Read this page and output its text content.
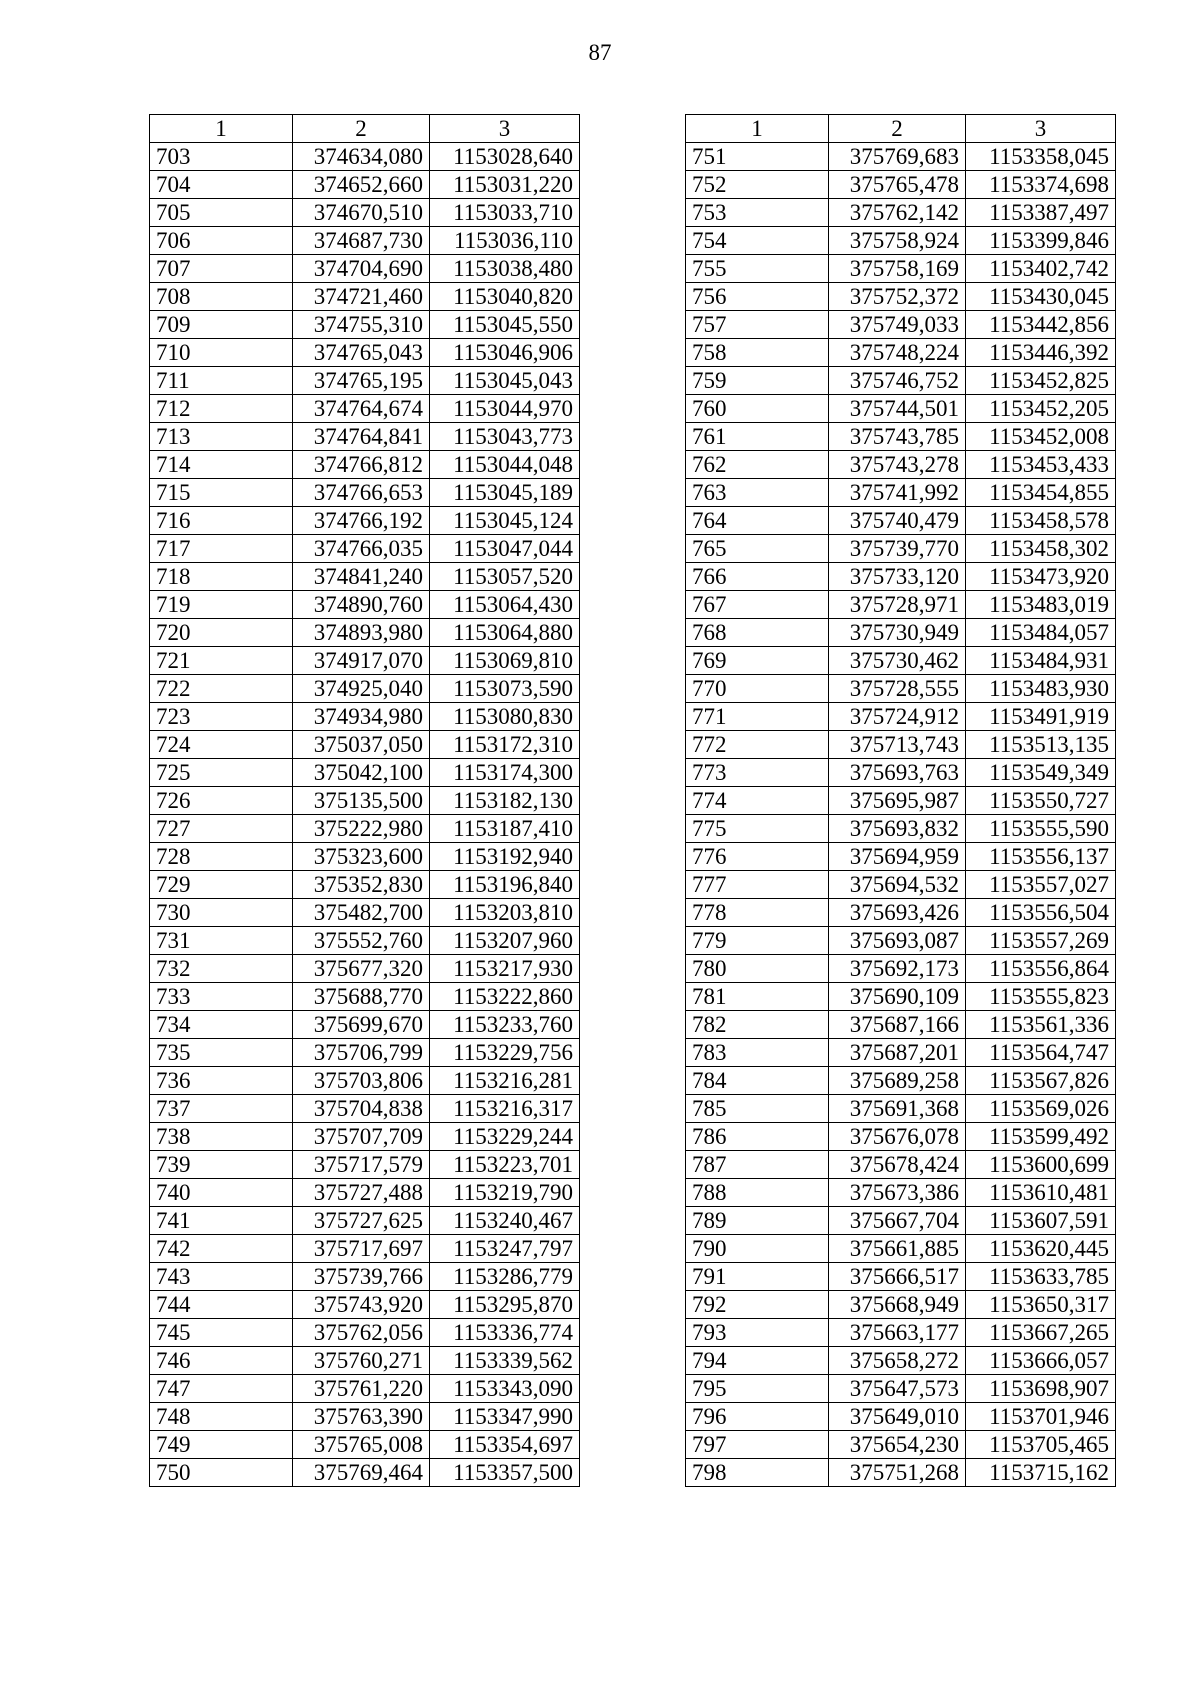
87
1	2	3
703	374634,080	1153028,640
704	374652,660	1153031,220
705	374670,510	1153033,710
706	374687,730	1153036,110
707	374704,690	1153038,480
708	374721,460	1153040,820
709	374755,310	1153045,550
710	374765,043	1153046,906
711	374765,195	1153045,043
712	374764,674	1153044,970
713	374764,841	1153043,773
714	374766,812	1153044,048
715	374766,653	1153045,189
716	374766,192	1153045,124
717	374766,035	1153047,044
718	374841,240	1153057,520
719	374890,760	1153064,430
720	374893,980	1153064,880
721	374917,070	1153069,810
722	374925,040	1153073,590
723	374934,980	1153080,830
724	375037,050	1153172,310
725	375042,100	1153174,300
726	375135,500	1153182,130
727	375222,980	1153187,410
728	375323,600	1153192,940
729	375352,830	1153196,840
730	375482,700	1153203,810
731	375552,760	1153207,960
732	375677,320	1153217,930
733	375688,770	1153222,860
734	375699,670	1153233,760
735	375706,799	1153229,756
736	375703,806	1153216,281
737	375704,838	1153216,317
738	375707,709	1153229,244
739	375717,579	1153223,701
740	375727,488	1153219,790
741	375727,625	1153240,467
742	375717,697	1153247,797
743	375739,766	1153286,779
744	375743,920	1153295,870
745	375762,056	1153336,774
746	375760,271	1153339,562
747	375761,220	1153343,090
748	375763,390	1153347,990
749	375765,008	1153354,697
750	375769,464	1153357,500
1	2	3
751	375769,683	1153358,045
752	375765,478	1153374,698
753	375762,142	1153387,497
754	375758,924	1153399,846
755	375758,169	1153402,742
756	375752,372	1153430,045
757	375749,033	1153442,856
758	375748,224	1153446,392
759	375746,752	1153452,825
760	375744,501	1153452,205
761	375743,785	1153452,008
762	375743,278	1153453,433
763	375741,992	1153454,855
764	375740,479	1153458,578
765	375739,770	1153458,302
766	375733,120	1153473,920
767	375728,971	1153483,019
768	375730,949	1153484,057
769	375730,462	1153484,931
770	375728,555	1153483,930
771	375724,912	1153491,919
772	375713,743	1153513,135
773	375693,763	1153549,349
774	375695,987	1153550,727
775	375693,832	1153555,590
776	375694,959	1153556,137
777	375694,532	1153557,027
778	375693,426	1153556,504
779	375693,087	1153557,269
780	375692,173	1153556,864
781	375690,109	1153555,823
782	375687,166	1153561,336
783	375687,201	1153564,747
784	375689,258	1153567,826
785	375691,368	1153569,026
786	375676,078	1153599,492
787	375678,424	1153600,699
788	375673,386	1153610,481
789	375667,704	1153607,591
790	375661,885	1153620,445
791	375666,517	1153633,785
792	375668,949	1153650,317
793	375663,177	1153667,265
794	375658,272	1153666,057
795	375647,573	1153698,907
796	375649,010	1153701,946
797	375654,230	1153705,465
798	375751,268	1153715,162
